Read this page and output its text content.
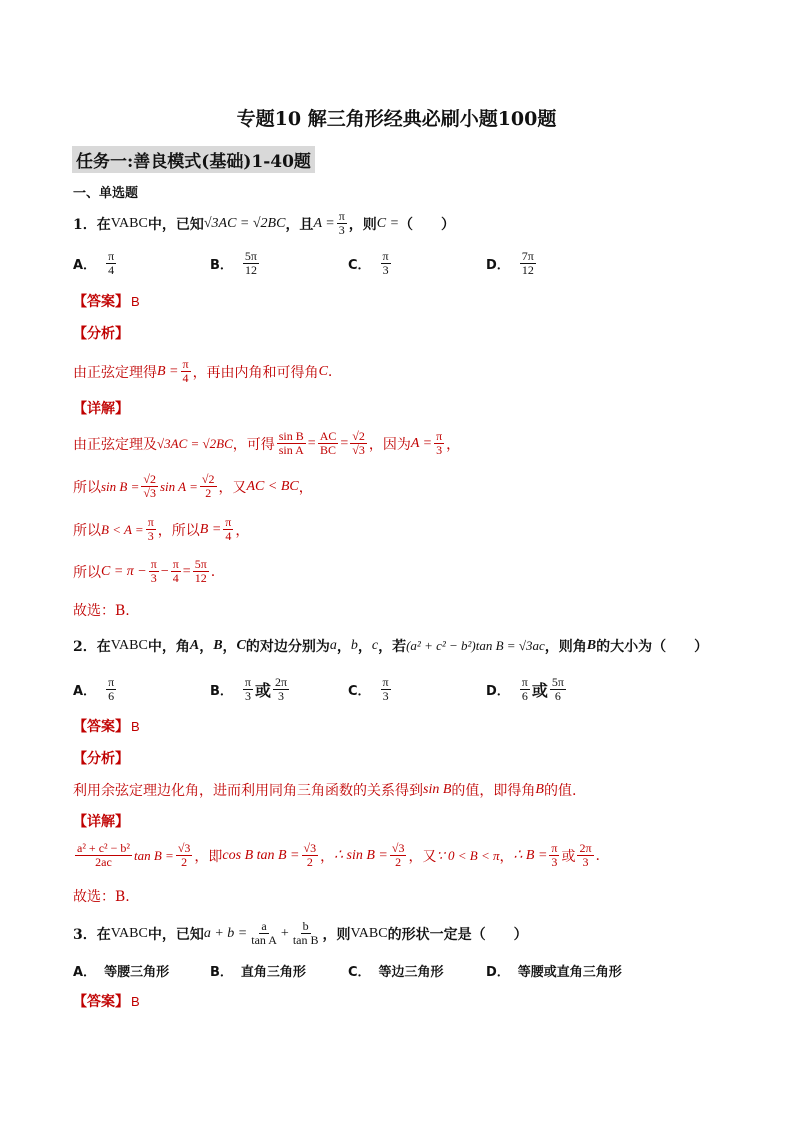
专题10 解三角形经典必刷小题100题
任务一:善良模式(基础)1-40题
一、单选题
1． 在 VABC 中，已知 √3AC = √2BC ，且 $A = \frac{\pi}{3}$ ，则 C = （　　）
A． $\frac{\pi}{4}$	B． $\frac{5\pi}{12}$	C． $\frac{\pi}{3}$	D． $\frac{7\pi}{12}$
【答案】 B
【分析】
由正弦定理得 $B = \frac{\pi}{4}$ ，再由内角和可得角 C .
【详解】
由正弦定理及 √3AC = √2BC ，可得 $\frac{\text{sin B}}{\text{sin A}} = \frac{AC}{BC} = \frac{√2}{√3}$ ，因为 $A = \frac{\pi}{3}$ ，
所以 $\sin B = \frac{√2}{√3}$ $\sin A = \frac{√2}{2}$ ，又 AC < BC ，
所以 $B < A = \frac{\pi}{3}$ ，所以 $B = \frac{\pi}{4}$ ，
所以 $C = \pi - \frac{\pi}{3} - \frac{\pi}{4} = \frac{5\pi}{12}$ .
故选：B.
2． 在 VABC 中，角 A ， B ， C 的对边分别为 a ， b ， c ，若 (a² + c² − b²)tan B = √3ac ，则角 B 的大小为（　　）
A． $\frac{\pi}{6}$	B． $\frac{\pi}{3}$ 或 $\frac{2\pi}{3}$	C． $\frac{\pi}{3}$	D． $\frac{\pi}{6}$ 或 $\frac{5\pi}{6}$
【答案】 B
【分析】
利用余弦定理边化角，进而利用同角三角函数的关系得到 sin B 的值，即得角 B 的值.
【详解】
$\frac{\text{a² + c² − b²}}{2ac}$ $\tan B = \frac{√3}{2}$ ，即 cos B $\tan B = \frac{√3}{2}$ ， ∴ $\sin B = \frac{√3}{2}$ ，又 ∵ 0 < B < π ， ∴ $B = \frac{\pi}{3}$ 或 $\frac{2\pi}{3}$ .
故选：B.
3． 在 VABC 中，已知 $a + b = \frac{a}{\text{tan A}} + \frac{b}{\text{tan B}}$ ，则 VABC 的形状一定是（　　）
A． 等腰三角形	B． 直角三角形	C． 等边三角形	D． 等腰或直角三角形
【答案】 B
